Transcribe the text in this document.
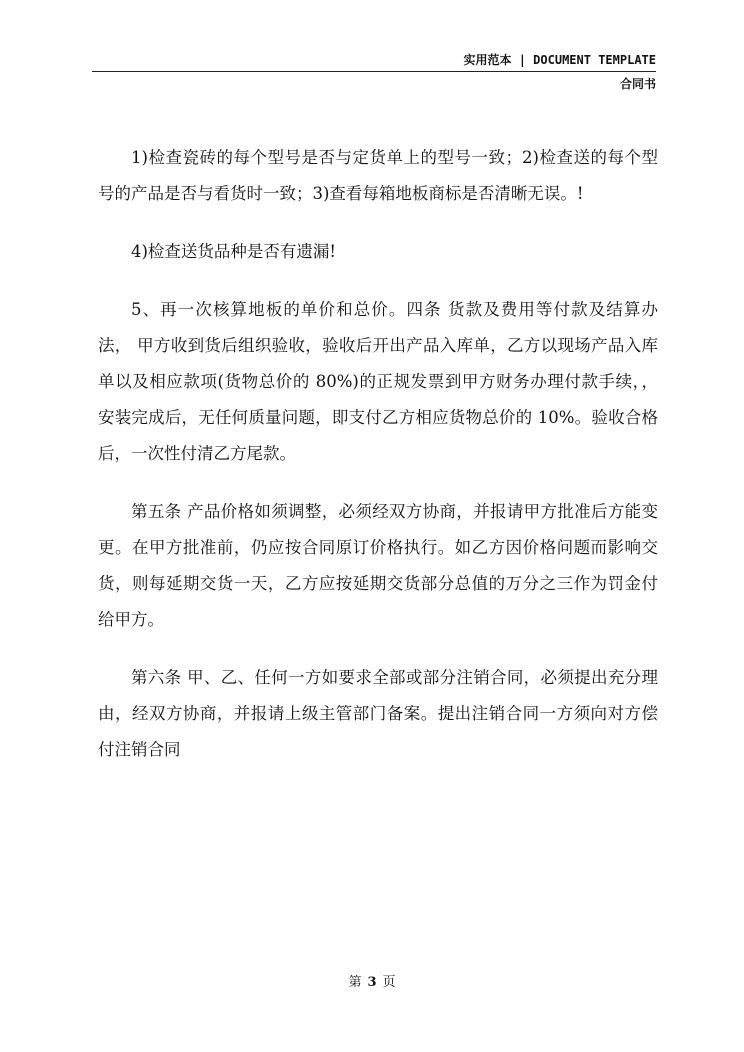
实用范本 | DOCUMENT TEMPLATE
合同书

1)检查瓷砖的每个型号是否与定货单上的型号一致；2)检查送的每个型号的产品是否与看货时一致；3)查看每箱地板商标是否清晰无误。!

4)检查送货品种是否有遗漏!

5、再一次核算地板的单价和总价。四条 货款及费用等付款及结算办法， 甲方收到货后组织验收，验收后开出产品入库单，乙方以现场产品入库单以及相应款项(货物总价的 80%)的正规发票到甲方财务办理付款手续，， 安装完成后，无任何质量问题，即支付乙方相应货物总价的 10%。验收合格后，一次性付清乙方尾款。

第五条 产品价格如须调整，必须经双方协商，并报请甲方批准后方能变 更。在甲方批准前，仍应按合同原订价格执行。如乙方因价格问题而影响交货，则每延期交货一天，乙方应按延期交货部分总值的万分之三作为罚金付给甲方。

第六条 甲、乙、任何一方如要求全部或部分注销合同，必须提出充分理由，经双方协商，并报请上级主管部门备案。提出注销合同一方须向对方偿付注销合同

第 3 页
